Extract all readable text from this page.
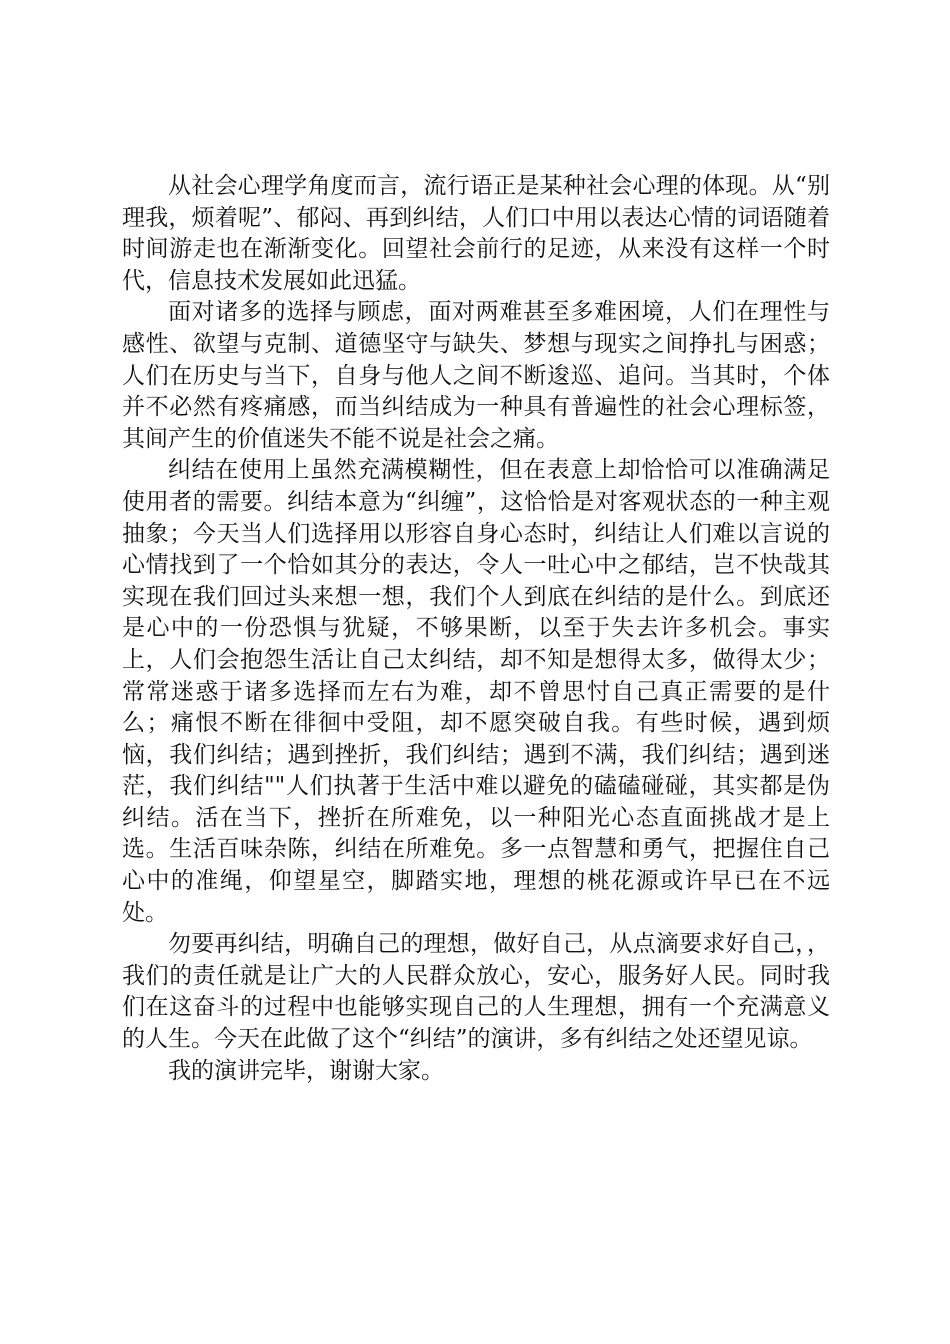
从社会心理学角度而言，流行语正是某种社会心理的体现。从“别理我，烦着呢”、郁闷、再到纠结，人们口中用以表达心情的词语随着时间游走也在渐渐变化。回望社会前行的足迹，从来没有这样一个时代，信息技术发展如此迅猛。

面对诸多的选择与顾虑，面对两难甚至多难困境，人们在理性与感性、欲望与克制、道德坚守与缺失、梦想与现实之间挣扎与困惑；人们在历史与当下，自身与他人之间不断逡巡、追问。当其时，个体并不必然有疼痛感，而当纠结成为一种具有普遍性的社会心理标签，其间产生的价值迷失不能不说是社会之痛。

纠结在使用上虽然充满模糊性，但在表意上却恰恰可以准确满足使用者的需要。纠结本意为“纠缠”，这恰恰是对客观状态的一种主观抽象；今天当人们选择用以形容自身心态时，纠结让人们难以言说的心情找到了一个恰如其分的表达，令人一吐心中之郁结，岂不快哉其实现在我们回过头来想一想，我们个人到底在纠结的是什么。到底还是心中的一份恐惧与犹疑，不够果断，以至于失去许多机会。事实上，人们会抱怨生活让自己太纠结，却不知是想得太多，做得太少；常常迷惑于诸多选择而左右为难，却不曾思忖自己真正需要的是什么；痛恨不断在徘徊中受阻，却不愿突破自我。有些时候，遇到烦恼，我们纠结；遇到挫折，我们纠结；遇到不满，我们纠结；遇到迷茫，我们纠结""人们执著于生活中难以避免的磕磕碰碰，其实都是伪纠结。活在当下，挫折在所难免，以一种阳光心态直面挑战才是上选。生活百味杂陈，纠结在所难免。多一点智慧和勇气，把握住自己心中的准绳，仰望星空，脚踏实地，理想的桃花源或许早已在不远处。

勿要再纠结，明确自己的理想，做好自己，从点滴要求好自己，，我们的责任就是让广大的人民群众放心，安心，服务好人民。同时我们在这奋斗的过程中也能够实现自己的人生理想，拥有一个充满意义的人生。今天在此做了这个“纠结”的演讲，多有纠结之处还望见谅。

我的演讲完毕，谢谢大家。
